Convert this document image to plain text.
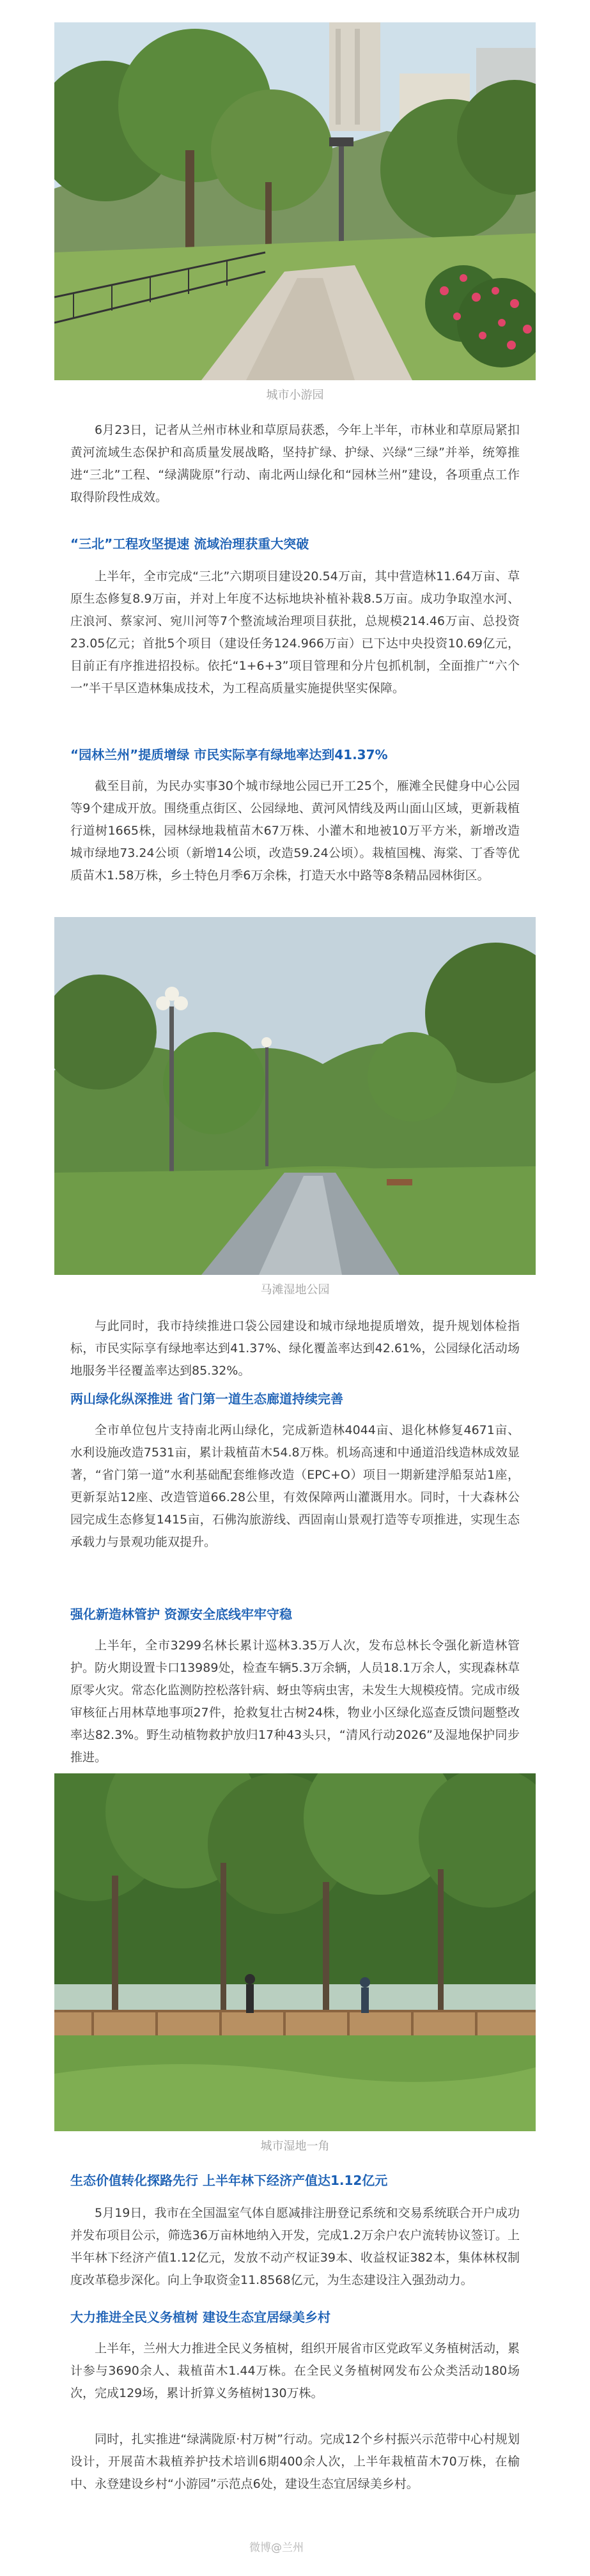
城市小游园

6月23日，记者从兰州市林业和草原局获悉，今年上半年，市林业和草原局紧扣黄河流域生态保护和高质量发展战略，坚持扩绿、护绿、兴绿“三绿”并举，统筹推进“三北”工程、“绿满陇原”行动、南北两山绿化和“园林兰州”建设，各项重点工作取得阶段性成效。

“三北”工程攻坚提速 流域治理获重大突破

上半年，全市完成“三北”六期项目建设20.54万亩，其中营造林11.64万亩、草原生态修复8.9万亩，并对上年度不达标地块补植补栽8.5万亩。成功争取湟水河、庄浪河、蔡家河、宛川河等7个整流域治理项目获批，总规模214.46万亩、总投资23.05亿元；首批5个项目（建设任务124.966万亩）已下达中央投资10.69亿元，目前正有序推进招投标。依托“1+6+3”项目管理和分片包抓机制，全面推广“六个一”半干旱区造林集成技术，为工程高质量实施提供坚实保障。

“园林兰州”提质增绿 市民实际享有绿地率达到41.37%

截至目前，为民办实事30个城市绿地公园已开工25个，雁滩全民健身中心公园等9个建成开放。围绕重点街区、公园绿地、黄河风情线及两山面山区域，更新栽植行道树1665株，园林绿地栽植苗木67万株、小灌木和地被10万平方米，新增改造城市绿地73.24公顷（新增14公顷，改造59.24公顷）。栽植国槐、海棠、丁香等优质苗木1.58万株，乡土特色月季6万余株，打造天水中路等8条精品园林街区。

马滩湿地公园

与此同时，我市持续推进口袋公园建设和城市绿地提质增效，提升规划体检指标，市民实际享有绿地率达到41.37%、绿化覆盖率达到42.61%，公园绿化活动场地服务半径覆盖率达到85.32%。

两山绿化纵深推进 省门第一道生态廊道持续完善

全市单位包片支持南北两山绿化，完成新造林4044亩、退化林修复4671亩、水利设施改造7531亩，累计栽植苗木54.8万株。机场高速和中通道沿线造林成效显著，“省门第一道”水利基础配套维修改造（EPC+O）项目一期新建浮船泵站1座，更新泵站12座、改造管道66.28公里，有效保障两山灌溉用水。同时，十大森林公园完成生态修复1415亩，石佛沟旅游线、西固南山景观打造等专项推进，实现生态承载力与景观功能双提升。

强化新造林管护 资源安全底线牢牢守稳

上半年，全市3299名林长累计巡林3.35万人次，发布总林长令强化新造林管护。防火期设置卡口13989处，检查车辆5.3万余辆，人员18.1万余人，实现森林草原零火灾。常态化监测防控松落针病、蚜虫等病虫害，未发生大规模疫情。完成市级审核征占用林草地事项27件，抢救复壮古树24株，物业小区绿化巡查反馈问题整改率达82.3%。野生动植物救护放归17种43头只，“清风行动2026”及湿地保护同步推进。

城市湿地一角
生态价值转化探路先行 上半年林下经济产值达1.12亿元

5月19日，我市在全国温室气体自愿减排注册登记系统和交易系统联合开户成功并发布项目公示，筛选36万亩林地纳入开发，完成1.2万余户农户流转协议签订。上半年林下经济产值1.12亿元，发放不动产权证39本、收益权证382本，集体林权制度改革稳步深化。向上争取资金11.8568亿元，为生态建设注入强劲动力。

大力推进全民义务植树 建设生态宜居绿美乡村

上半年，兰州大力推进全民义务植树，组织开展省市区党政军义务植树活动，累计参与3690余人、栽植苗木1.44万株。在全民义务植树网发布公众类活动180场次，完成129场，累计折算义务植树130万株。

同时，扎实推进“绿满陇原·村万树”行动。完成12个乡村振兴示范带中心村规划设计，开展苗木栽植养护技术培训6期400余人次，上半年栽植苗木70万株，在榆中、永登建设乡村“小游园”示范点6处，建设生态宜居绿美乡村。

微博@兰州
